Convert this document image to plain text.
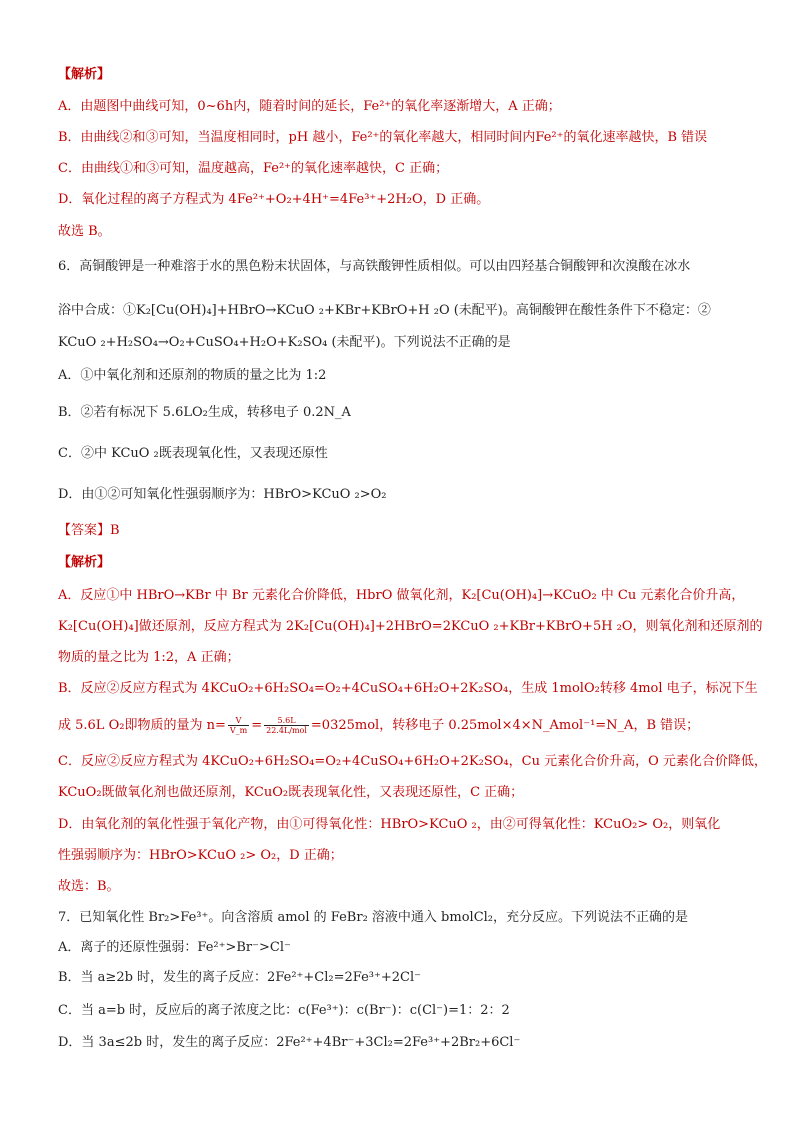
【解析】
A．由题图中曲线可知，0~6h内，随着时间的延长，Fe²⁺的氧化率逐渐增大，A 正确；
B．由曲线②和③可知，当温度相同时，pH 越小，Fe²⁺的氧化率越大，相同时间内Fe²⁺的氧化速率越快，B 错误
C．由曲线①和③可知，温度越高，Fe²⁺的氧化速率越快，C 正确；
D．氧化过程的离子方程式为 4Fe²⁺+O₂+4H⁺=4Fe³⁺+2H₂O，D 正确。
故选 B。
6．高铜酸钾是一种难溶于水的黑色粉末状固体，与高铁酸钾性质相似。可以由四羟基合铜酸钾和次溴酸在冰水
浴中合成：①K₂[Cu(OH)₄]+HBrO→KCuO ₂+KBr+KBrO+H ₂O (未配平)。高铜酸钾在酸性条件下不稳定：②
KCuO ₂+H₂SO₄→O₂+CuSO₄+H₂O+K₂SO₄ (未配平)。下列说法不正确的是
A．①中氧化剂和还原剂的物质的量之比为 1:2
B．②若有标况下 5.6LO₂生成，转移电子 0.2N_A
C．②中 KCuO ₂既表现氧化性，又表现还原性
D．由①②可知氧化性强弱顺序为：HBrO>KCuO ₂>O₂
【答案】B
【解析】
A．反应①中 HBrO→KBr 中 Br 元素化合价降低，HbrO 做氧化剂，K₂[Cu(OH)₄]→KCuO₂ 中 Cu 元素化合价升高，
K₂[Cu(OH)₄]做还原剂，反应方程式为 2K₂[Cu(OH)₄]+2HBrO=2KCuO ₂+KBr+KBrO+5H ₂O，则氧化剂和还原剂的
物质的量之比为 1:2，A 正确；
B．反应②反应方程式为 4KCuO₂+6H₂SO₄=O₂+4CuSO₄+6H₂O+2K₂SO₄，生成 1molO₂转移 4mol 电子，标况下生
成 5.6L O₂即物质的量为 $n= \frac{V}{V\_m} = \frac{5.6L}{\text{22.4L/mol}} =0325mol$，转移电子 0.25mol×4×N_Amol⁻¹=N_A，B 错误；
C．反应②反应方程式为 4KCuO₂+6H₂SO₄=O₂+4CuSO₄+6H₂O+2K₂SO₄，Cu 元素化合价升高，O 元素化合价降低，
KCuO₂既做氧化剂也做还原剂，KCuO₂既表现氧化性，又表现还原性，C 正确；
D．由氧化剂的氧化性强于氧化产物，由①可得氧化性：HBrO>KCuO ₂，由②可得氧化性：KCuO₂> O₂，则氧化
性强弱顺序为：HBrO>KCuO ₂> O₂，D 正确；
故选：B。
7．已知氧化性 Br₂>Fe³⁺。向含溶质 amol 的 FeBr₂ 溶液中通入 bmolCl₂，充分反应。下列说法不正确的是
A．离子的还原性强弱：Fe²⁺>Br⁻>Cl⁻
B．当 a≥2b 时，发生的离子反应：2Fe²⁺+Cl₂=2Fe³⁺+2Cl⁻
C．当 a=b 时，反应后的离子浓度之比：c(Fe³⁺)：c(Br⁻)：c(Cl⁻)=1：2：2
D．当 3a≤2b 时，发生的离子反应：2Fe²⁺+4Br⁻+3Cl₂=2Fe³⁺+2Br₂+6Cl⁻
